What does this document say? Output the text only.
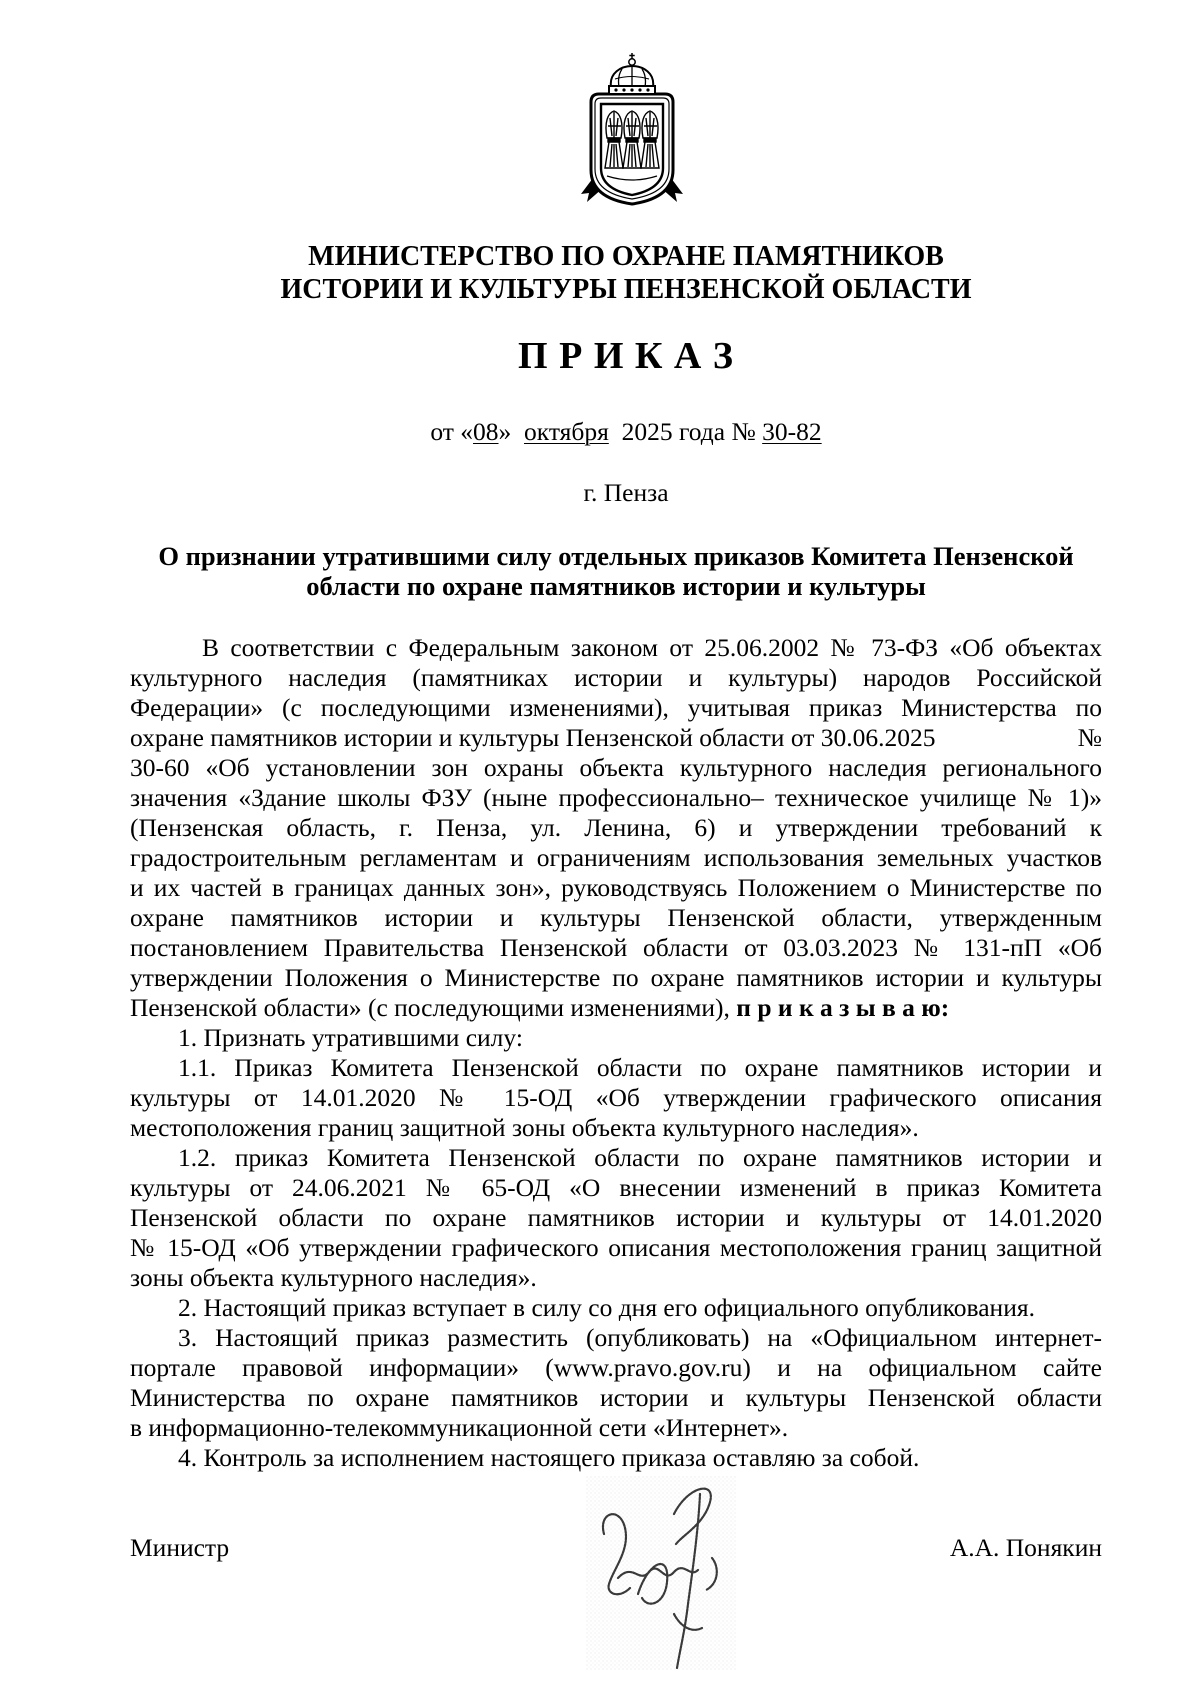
МИНИСТЕРСТВО ПО ОХРАНЕ ПАМЯТНИКОВ
ИСТОРИИ И КУЛЬТУРЫ ПЕНЗЕНСКОЙ ОБЛАСТИ
П Р И К А З
от «08» октября 2025 года № 30-82
г. Пенза
О признании утратившими силу отдельных приказов Комитета Пензенской
области по охране памятников истории и культуры
В соответствии с Федеральным законом от 25.06.2002 № 73-ФЗ «Об объектах
культурного наследия (памятниках истории и культуры) народов Российской
Федерации» (с последующими изменениями), учитывая приказ Министерства по
охране памятников истории и культуры Пензенской области от 30.06.2025	№
30-60 «Об установлении зон охраны объекта культурного наследия регионального
значения «Здание школы ФЗУ (ныне профессионально– техническое училище № 1)»
(Пензенская область, г. Пенза, ул. Ленина, 6) и утверждении требований к
градостроительным регламентам и ограничениям использования земельных участков
и их частей в границах данных зон», руководствуясь Положением о Министерстве по
охране памятников истории и культуры Пензенской области, утвержденным
постановлением Правительства Пензенской области от 03.03.2023 № 131-пП «Об
утверждении Положения о Министерстве по охране памятников истории и культуры
Пензенской области» (с последующими изменениями), п р и к а з ы в а ю:
1. Признать утратившими силу:
1.1. Приказ Комитета Пензенской области по охране памятников истории и
культуры от 14.01.2020 № 15-ОД «Об утверждении графического описания
местоположения границ защитной зоны объекта культурного наследия».
1.2. приказ Комитета Пензенской области по охране памятников истории и
культуры от 24.06.2021 № 65-ОД «О внесении изменений в приказ Комитета
Пензенской области по охране памятников истории и культуры от 14.01.2020
№ 15-ОД «Об утверждении графического описания местоположения границ защитной
зоны объекта культурного наследия».
2. Настоящий приказ вступает в силу со дня его официального опубликования.
3. Настоящий приказ разместить (опубликовать) на «Официальном интернет-
портале правовой информации» (www.pravo.gov.ru) и на официальном сайте
Министерства по охране памятников истории и культуры Пензенской области
в информационно-телекоммуникационной сети «Интернет».
4. Контроль за исполнением настоящего приказа оставляю за собой.
Министр	А.А. Понякин
